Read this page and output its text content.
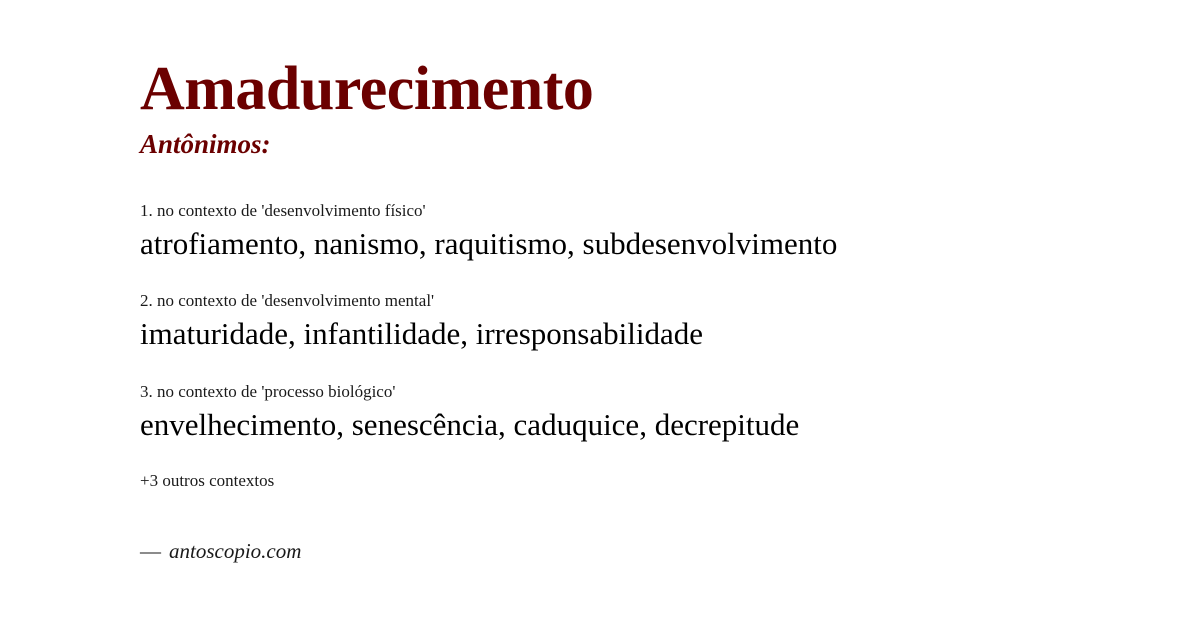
Amadurecimento
Antônimos:

1. no contexto de 'desenvolvimento físico'

atrofiamento, nanismo, raquitismo, subdesenvolvimento

2. no contexto de 'desenvolvimento mental'

imaturidade, infantilidade, irresponsabilidade

3. no contexto de 'processo biológico'

envelhecimento, senescência, caduquice, decrepitude

+3 outros contextos

— antoscopio.com
